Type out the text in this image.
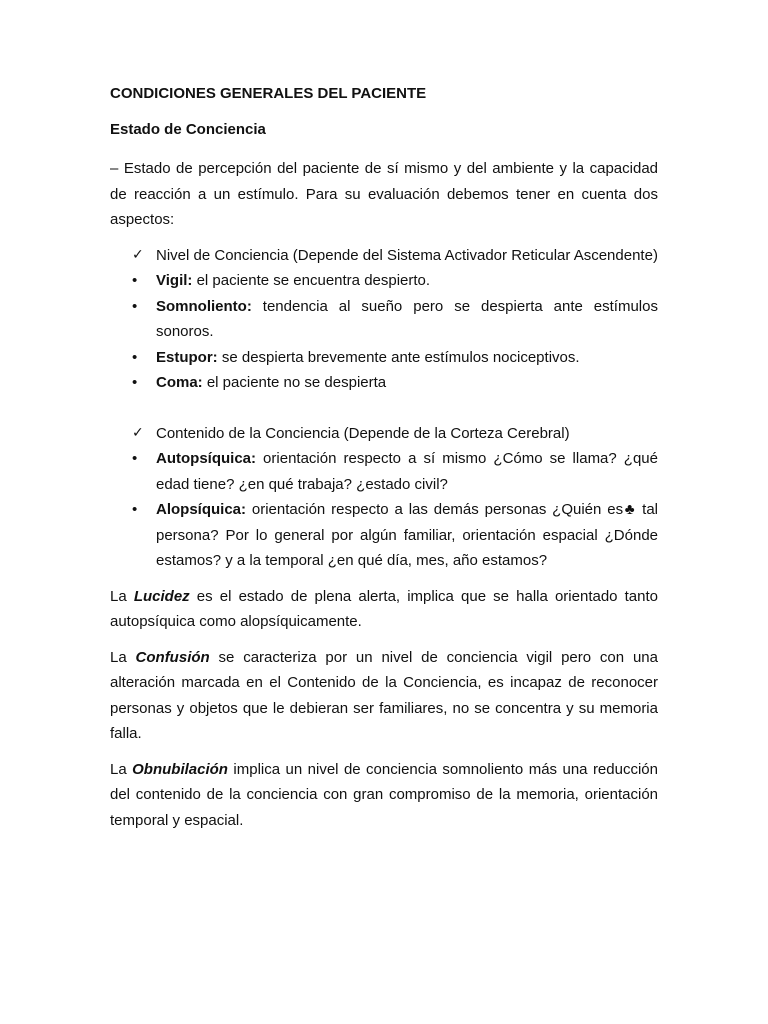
CONDICIONES GENERALES DEL PACIENTE
Estado de Conciencia

– Estado de percepción del paciente de sí mismo y del ambiente y la capacidad de reacción a un estímulo. Para su evaluación debemos tener en cuenta dos aspectos:

✓ Nivel de Conciencia (Depende del Sistema Activador Reticular Ascendente)
•	Vigil: el paciente se encuentra despierto.
•	Somnoliento: tendencia al sueño pero se despierta ante estímulos sonoros.
•	Estupor: se despierta brevemente ante estímulos nociceptivos.
•	Coma: el paciente no se despierta
✓ Contenido de la Conciencia (Depende de la Corteza Cerebral)
•	Autopsíquica: orientación respecto a sí mismo ¿Cómo se llama? ¿qué edad tiene? ¿en qué trabaja? ¿estado civil?
•	Alopsíquica: orientación respecto a las demás personas ¿Quién es♣ tal persona? Por lo general por algún familiar, orientación espacial ¿Dónde estamos? y a la temporal ¿en qué día, mes, año estamos?

La Lucidez es el estado de plena alerta, implica que se halla orientado tanto autopsíquica como alopsíquicamente.

La Confusión se caracteriza por un nivel de conciencia vigil pero con una alteración marcada en el Contenido de la Conciencia, es incapaz de reconocer personas y objetos que le debieran ser familiares, no se concentra y su memoria falla.

La Obnubilación implica un nivel de conciencia somnoliento más una reducción del contenido de la conciencia con gran compromiso de la memoria, orientación temporal y espacial.
